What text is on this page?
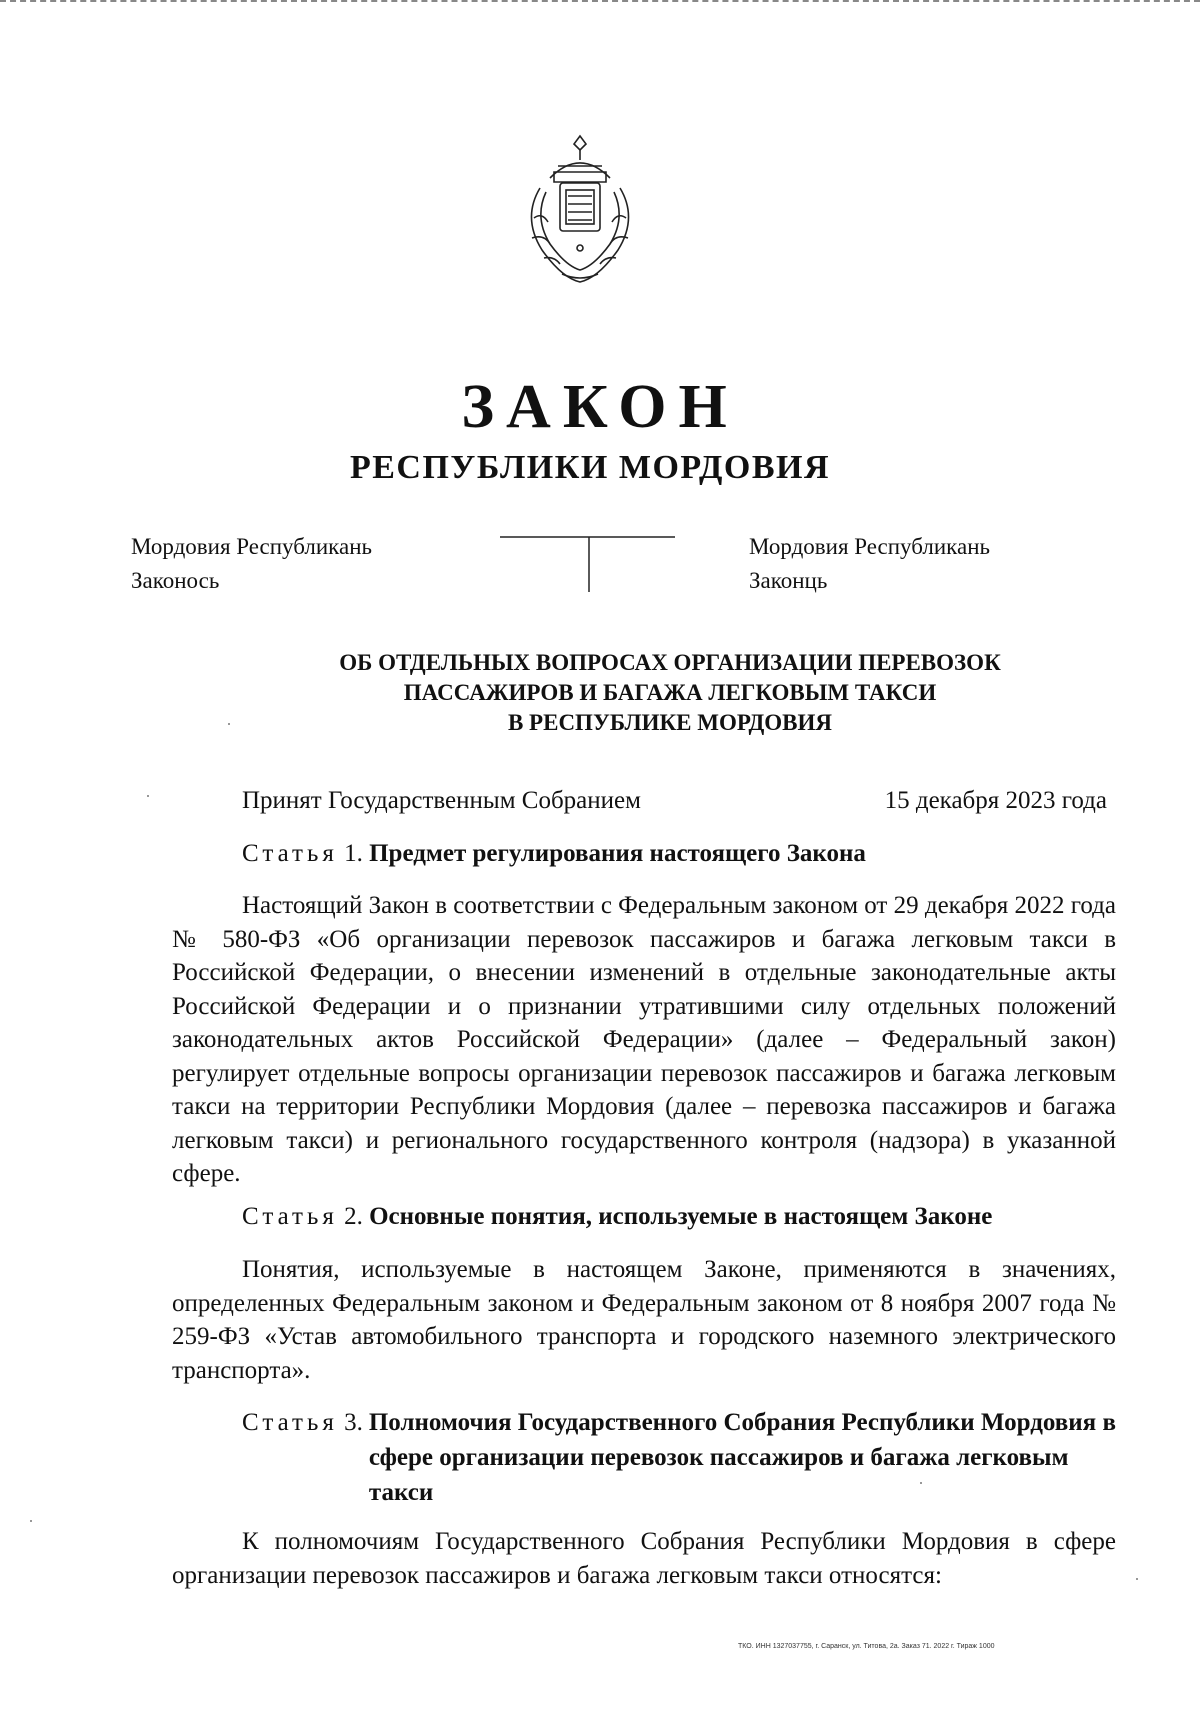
ЗАКОН
РЕСПУБЛИКИ МОРДОВИЯ
Мордовия Республикань
Законось
Мордовия Республикань
Законць
ОБ ОТДЕЛЬНЫХ ВОПРОСАХ ОРГАНИЗАЦИИ ПЕРЕВОЗОК
ПАССАЖИРОВ И БАГАЖА ЛЕГКОВЫМ ТАКСИ
В РЕСПУБЛИКЕ МОРДОВИЯ
Принят Государственным Собранием	15 декабря 2023 года
Статья 1. Предмет регулирования настоящего Закона
Настоящий Закон в соответствии с Федеральным законом от 29 декабря 2022 года № 580-ФЗ «Об организации перевозок пассажиров и багажа легковым такси в Российской Федерации, о внесении изменений в отдельные законодательные акты Российской Федерации и о признании утратившими силу отдельных положений законодательных актов Российской Федерации» (далее – Федеральный закон) регулирует отдельные вопросы организации перевозок пассажиров и багажа легковым такси на территории Республики Мордовия (далее – перевозка пассажиров и багажа легковым такси) и регионального государственного контроля (надзора) в указанной сфере.
Статья 2. Основные понятия, используемые в настоящем Законе
Понятия, используемые в настоящем Законе, применяются в значениях, определенных Федеральным законом и Федеральным законом от 8 ноября 2007 года № 259-ФЗ «Устав автомобильного транспорта и городского наземного электрического транспорта».
Статья 3. Полномочия Государственного Собрания Республики Мордовия в сфере организации перевозок пассажиров и багажа легковым такси
К полномочиям Государственного Собрания Республики Мордовия в сфере организации перевозок пассажиров и багажа легковым такси относятся:
ТКО. ИНН 1327037755, г. Саранск, ул. Титова, 2а. Заказ 71. 2022 г. Тираж 1000
